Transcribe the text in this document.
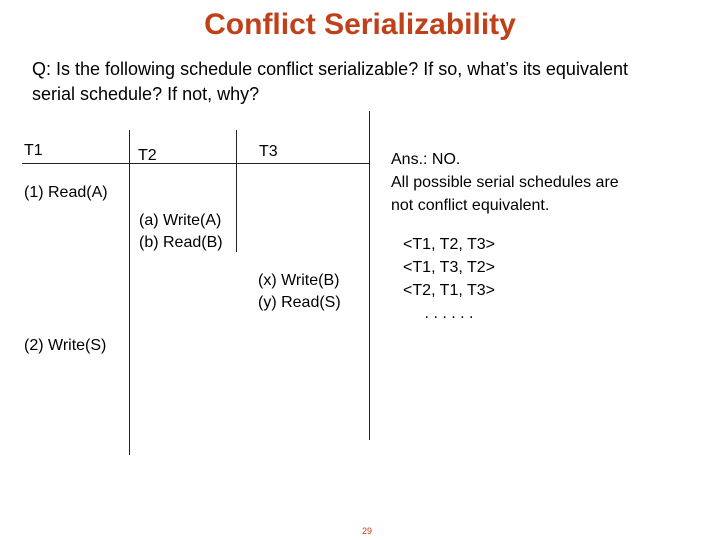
Conflict Serializability
Q: Is the following schedule conflict serializable? If so, what’s its equivalent
serial schedule? If not, why?
T1	T2	T3
(1) Read(A)
(2) Write(S)
(a) Write(A)
(b) Read(B)
(x) Write(B)
(y) Read(S)
Ans.: NO.
All possible serial schedules are
not conflict equivalent.
<T1, T2, T3>
<T1, T3, T2>
<T2, T1, T3>
. . . . . .
29
